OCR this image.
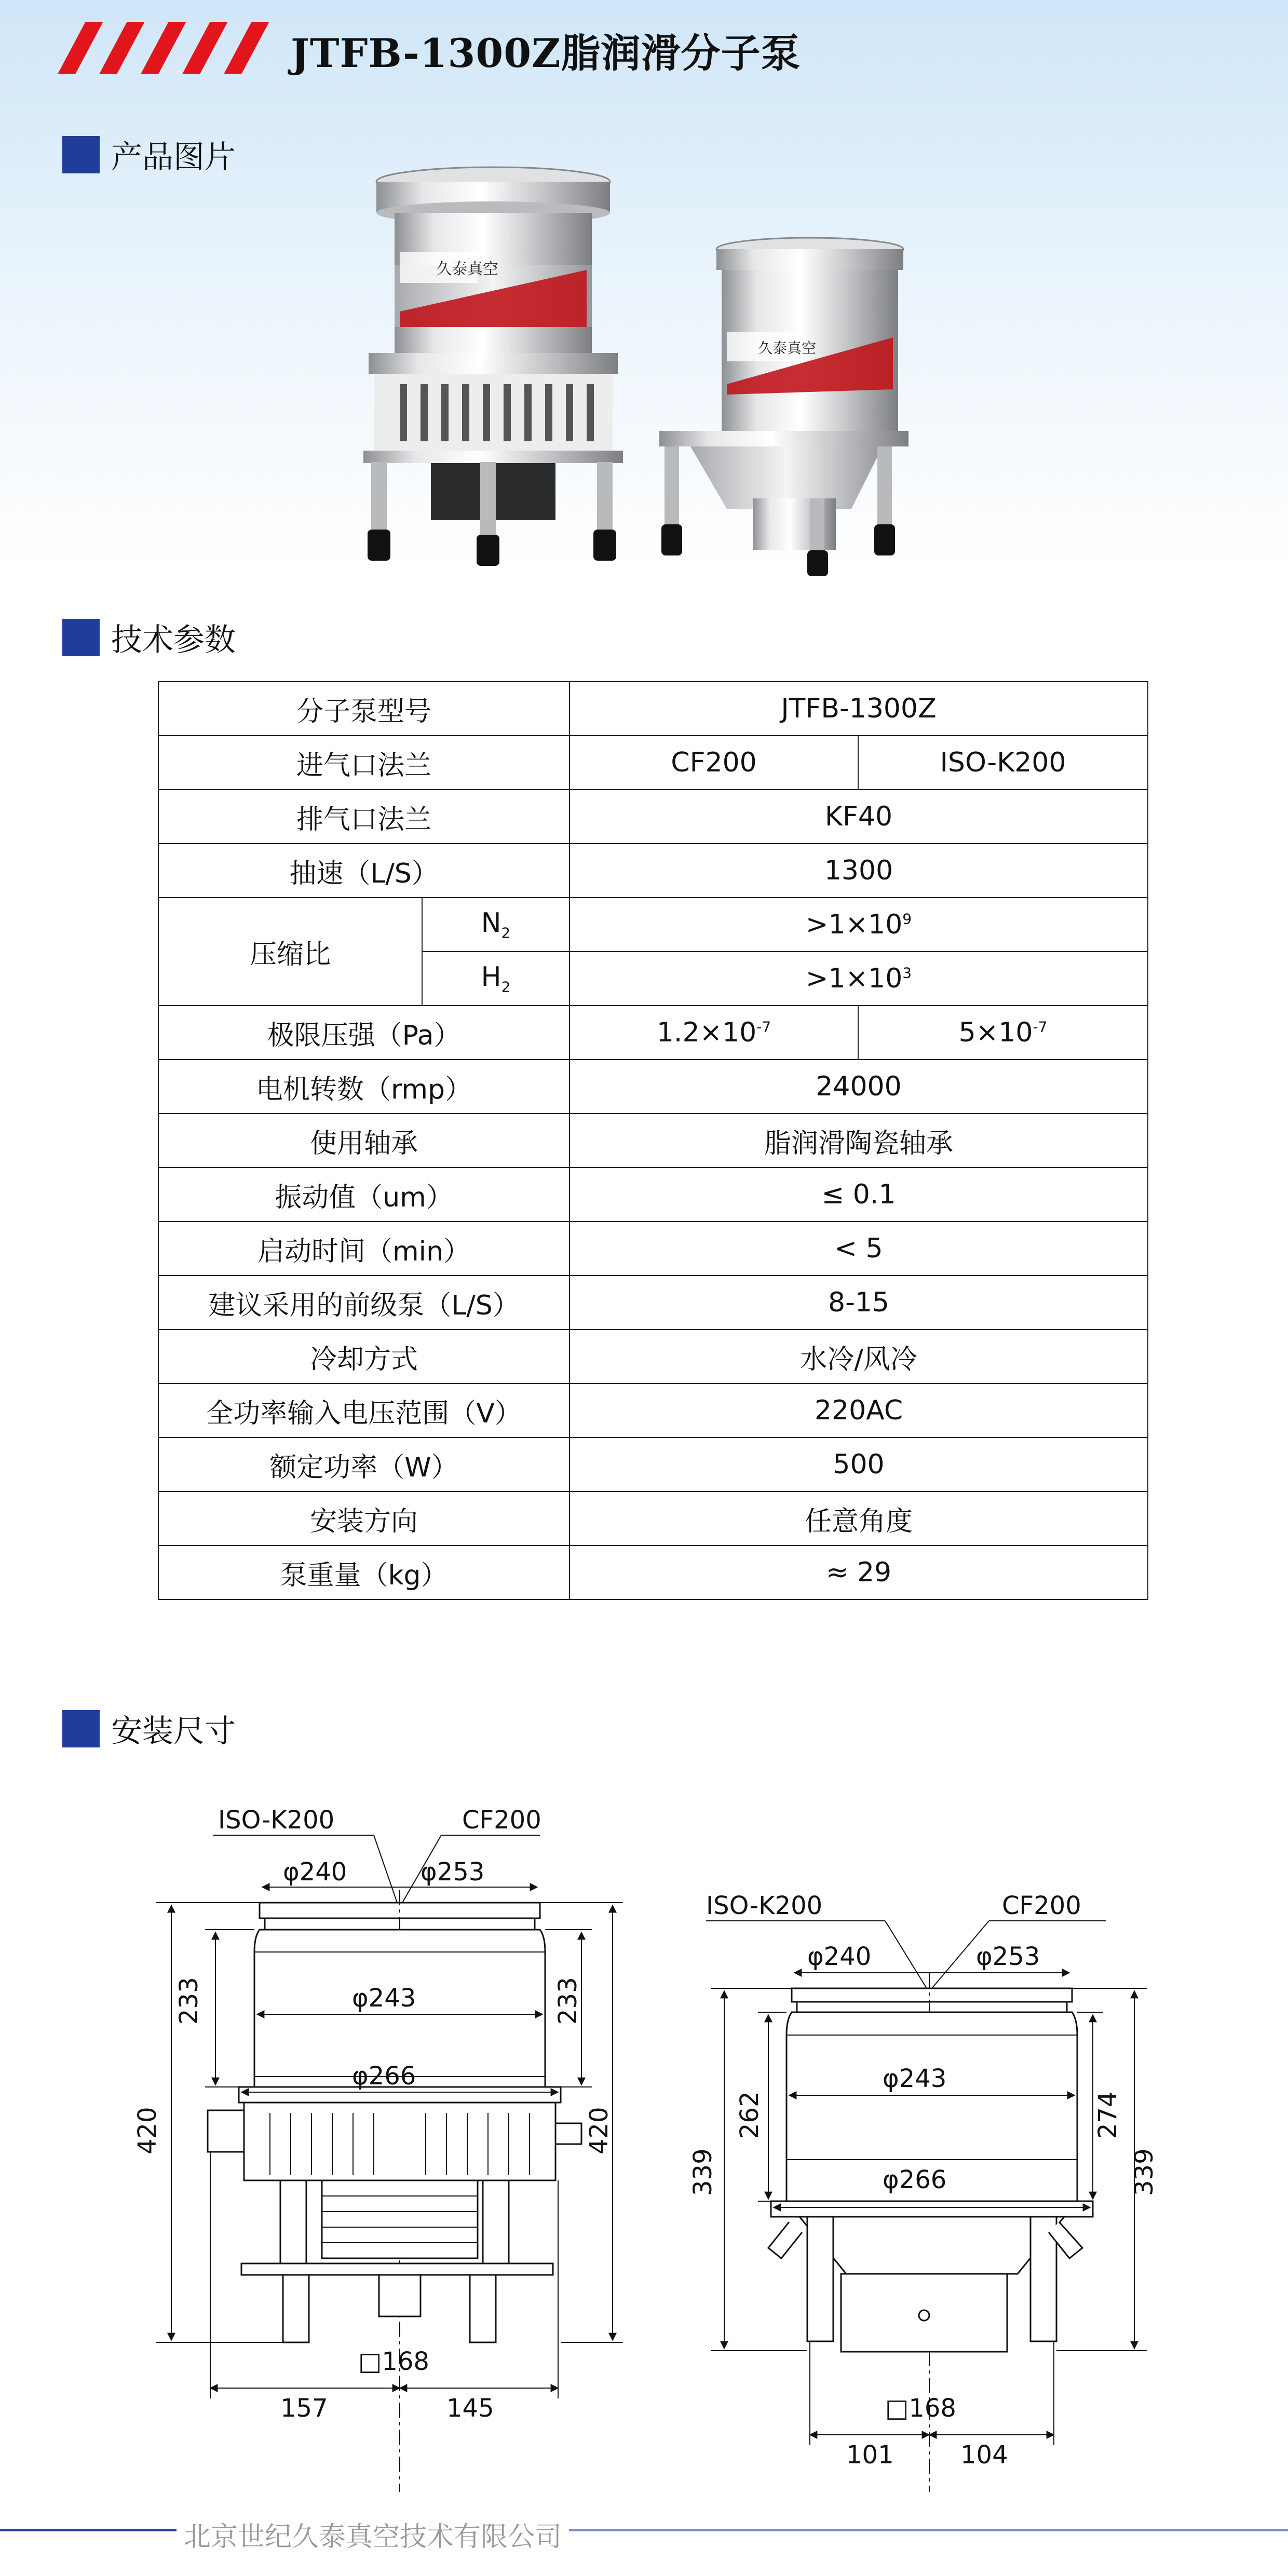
JTFB-1300Z脂润滑分子泵
产品图片
久泰真空
久泰真空
技术参数
分子泵型号		JTFB-1300Z	
进气口法兰		CF200	ISO-K200
排气口法兰		KF40	
抽速（L/S）		1300	
压缩比	$N_2$	$>1\times 10^9$
	$H_2$	$>1\times 10^3$
极限压强（Pa）		$1.2\times 10^{-7}$	$5\times 10^{-7}$
电机转数（rmp）		24000	
使用轴承		脂润滑陶瓷轴承	
振动值（um）		≤ 0.1	
启动时间（min）		< 5	
建议采用的前级泵（L/S）		8-15	
冷却方式		水冷/风冷	
全功率输入电压范围（V）		220AC	
额定功率（W）		500	
安装方向		任意角度	
泵重量（kg）		≈ 29	
安装尺寸
ISO-K200	CF200
φ240	φ253
φ243
φ266
233	233
420	420
□168
157	145
ISO-K200	CF200
φ240	φ253
φ243
φ266
339
262	274
339
□168
101	104
北京世纪久泰真空技术有限公司
